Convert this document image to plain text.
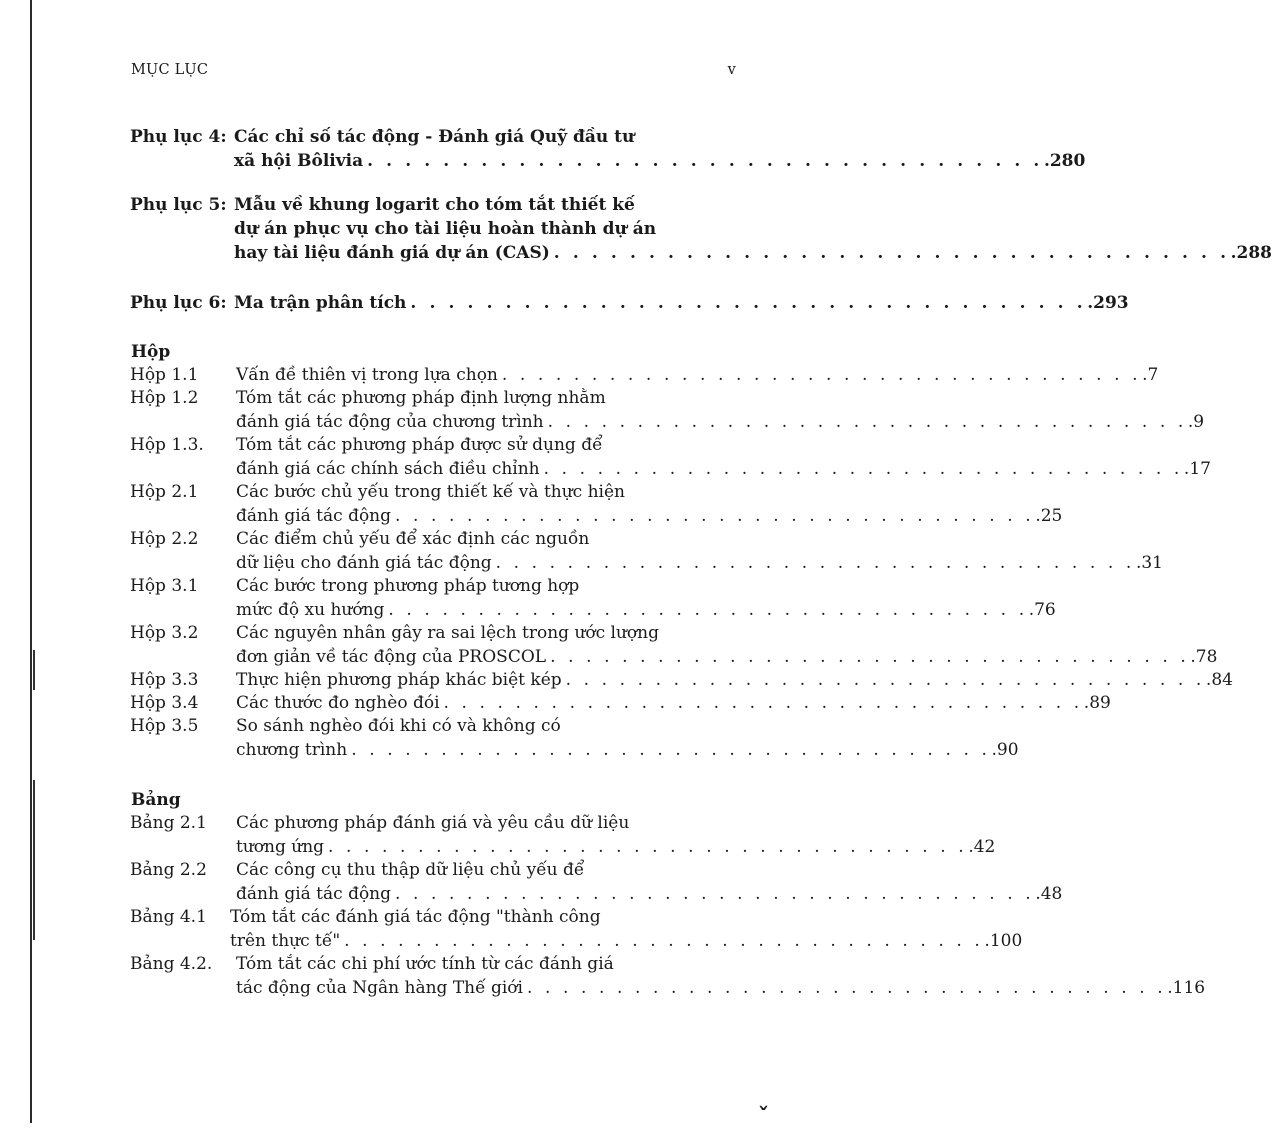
MỤC LỤC	v
Phụ lục 4: Các chỉ số tác động - Đánh giá Quỹ đầu tư
xã hội Bôlivia . . . . . . . . . . . . . . . . . . . . . . . . . . . . . . . . . . . . .280
Phụ lục 5: Mẫu về khung logarit cho tóm tắt thiết kế
dự án phục vụ cho tài liệu hoàn thành dự án
hay tài liệu đánh giá dự án (CAS) . . . . . . . . . . . . . . . . . . . . . . . . . . . . . . . . . . . . .288
Phụ lục 6: Ma trận phân tích . . . . . . . . . . . . . . . . . . . . . . . . . . . . . . . . . . . . .293
Hộp
Hộp 1.1 Vấn đề thiên vị trong lựa chọn . . . . . . . . . . . . . . . . . . . . . . . . . . . . . . . . . . . . .7
Hộp 1.2 Tóm tắt các phương pháp định lượng nhằm
đánh giá tác động của chương trình . . . . . . . . . . . . . . . . . . . . . . . . . . . . . . . . . . . . .9
Hộp 1.3. Tóm tắt các phương pháp được sử dụng để
đánh giá các chính sách điều chỉnh . . . . . . . . . . . . . . . . . . . . . . . . . . . . . . . . . . . . .17
Hộp 2.1 Các bước chủ yếu trong thiết kế và thực hiện
đánh giá tác động . . . . . . . . . . . . . . . . . . . . . . . . . . . . . . . . . . . . .25
Hộp 2.2 Các điểm chủ yếu để xác định các nguồn
dữ liệu cho đánh giá tác động . . . . . . . . . . . . . . . . . . . . . . . . . . . . . . . . . . . . .31
Hộp 3.1 Các bước trong phương pháp tương hợp
mức độ xu hướng . . . . . . . . . . . . . . . . . . . . . . . . . . . . . . . . . . . . .76
Hộp 3.2 Các nguyên nhân gây ra sai lệch trong ước lượng
đơn giản về tác động của PROSCOL . . . . . . . . . . . . . . . . . . . . . . . . . . . . . . . . . . . . .78
Hộp 3.3 Thực hiện phương pháp khác biệt kép . . . . . . . . . . . . . . . . . . . . . . . . . . . . . . . . . . . . .84
Hộp 3.4 Các thước đo nghèo đói . . . . . . . . . . . . . . . . . . . . . . . . . . . . . . . . . . . . .89
Hộp 3.5 So sánh nghèo đói khi có và không có
chương trình . . . . . . . . . . . . . . . . . . . . . . . . . . . . . . . . . . . . .90
Bảng
Bảng 2.1 Các phương pháp đánh giá và yêu cầu dữ liệu
tương ứng . . . . . . . . . . . . . . . . . . . . . . . . . . . . . . . . . . . . .42
Bảng 2.2 Các công cụ thu thập dữ liệu chủ yếu để
đánh giá tác động . . . . . . . . . . . . . . . . . . . . . . . . . . . . . . . . . . . . .48
Bảng 4.1 Tóm tắt các đánh giá tác động "thành công
trên thực tế" . . . . . . . . . . . . . . . . . . . . . . . . . . . . . . . . . . . . .100
Bảng 4.2. Tóm tắt các chi phí ước tính từ các đánh giá
tác động của Ngân hàng Thế giới . . . . . . . . . . . . . . . . . . . . . . . . . . . . . . . . . . . . .116
ˇ
